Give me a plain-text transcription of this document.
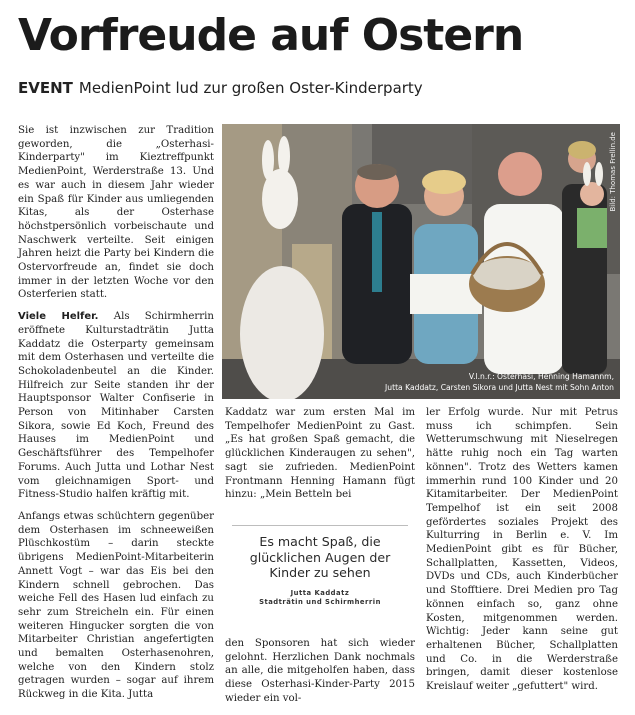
Vorfreude auf Ostern
EVENT MedienPoint lud zur großen Oster-Kinderparty

Sie ist inzwischen zur Tradition geworden, die „Osterhasi-Kinderparty" im Kieztreffpunkt MedienPoint, Werderstraße 13. Und es war auch in diesem Jahr wieder ein Spaß für Kinder aus umliegenden Kitas, als der Osterhase höchstpersönlich vorbeischaute und Naschwerk verteilte. Seit einigen Jahren heizt die Party bei Kindern die Ostervorfreude an, findet sie doch immer in der letzten Woche vor den Osterferien statt.

Viele Helfer. Als Schirmherrin eröffnete Kulturstadträtin Jutta Kaddatz die Osterparty gemeinsam mit dem Osterhasen und verteilte die Schokoladenbeutel an die Kinder. Hilfreich zur Seite standen ihr der Hauptsponsor Walter Confiserie in Person von Mitinhaber Carsten Sikora, sowie Ed Koch, Freund des Hauses im MedienPoint und Geschäftsführer des Tempelhofer Forums. Auch Jutta und Lothar Nest vom gleichnamigen Sport- und Fitness-Studio halfen kräftig mit.

Anfangs etwas schüchtern gegenüber dem Osterhasen im schneeweißen Plüschkostüm – darin steckte übrigens MedienPoint-Mitarbeiterin Annett Vogt – war das Eis bei den Kindern schnell gebrochen. Das weiche Fell des Hasen lud einfach zu sehr zum Streicheln ein. Für einen weiteren Hingucker sorgten die von Mitarbeiter Christian angefertigten und bemalten Osterhasenohren, welche von den Kindern stolz getragen wurden – sogar auf ihrem Rückweg in die Kita. Jutta

Bild: Thomas Frellin.de
V.l.n.r.: Osterhasi, Henning Hamannm,
Jutta Kaddatz, Carsten Sikora und Jutta Nest mit Sohn Anton

Kaddatz war zum ersten Mal im Tempelhofer MedienPoint zu Gast. „Es hat großen Spaß gemacht, die glücklichen Kinderaugen zu sehen", sagt sie zufrieden. MedienPoint Frontmann Henning Hamann fügt hinzu: „Mein Betteln bei

Es macht Spaß, die glücklichen Augen der Kinder zu sehen
Jutta Kaddatz
Stadträtin und Schirmherrin

den Sponsoren hat sich wieder gelohnt. Herzlichen Dank nochmals an alle, die mitgeholfen haben, dass diese Osterhasi-Kinder-Party 2015 wieder ein vol-

ler Erfolg wurde. Nur mit Petrus muss ich schimpfen. Sein Wetterumschwung mit Nieselregen hätte ruhig noch ein Tag warten können". Trotz des Wetters kamen immerhin rund 100 Kinder und 20 Kitamitarbeiter. Der MedienPoint Tempelhof ist ein seit 2008 gefördertes soziales Projekt des Kulturring in Berlin e. V. Im MedienPoint gibt es für Bücher, Schallplatten, Kassetten, Videos, DVDs und CDs, auch Kinderbücher und Stofftiere. Drei Medien pro Tag können einfach so, ganz ohne Kosten, mitgenommen werden. Wichtig: Jeder kann seine gut erhaltenen Bücher, Schallplatten und Co. in die Werderstraße bringen, damit dieser kostenlose Kreislauf weiter „gefuttert" wird.
